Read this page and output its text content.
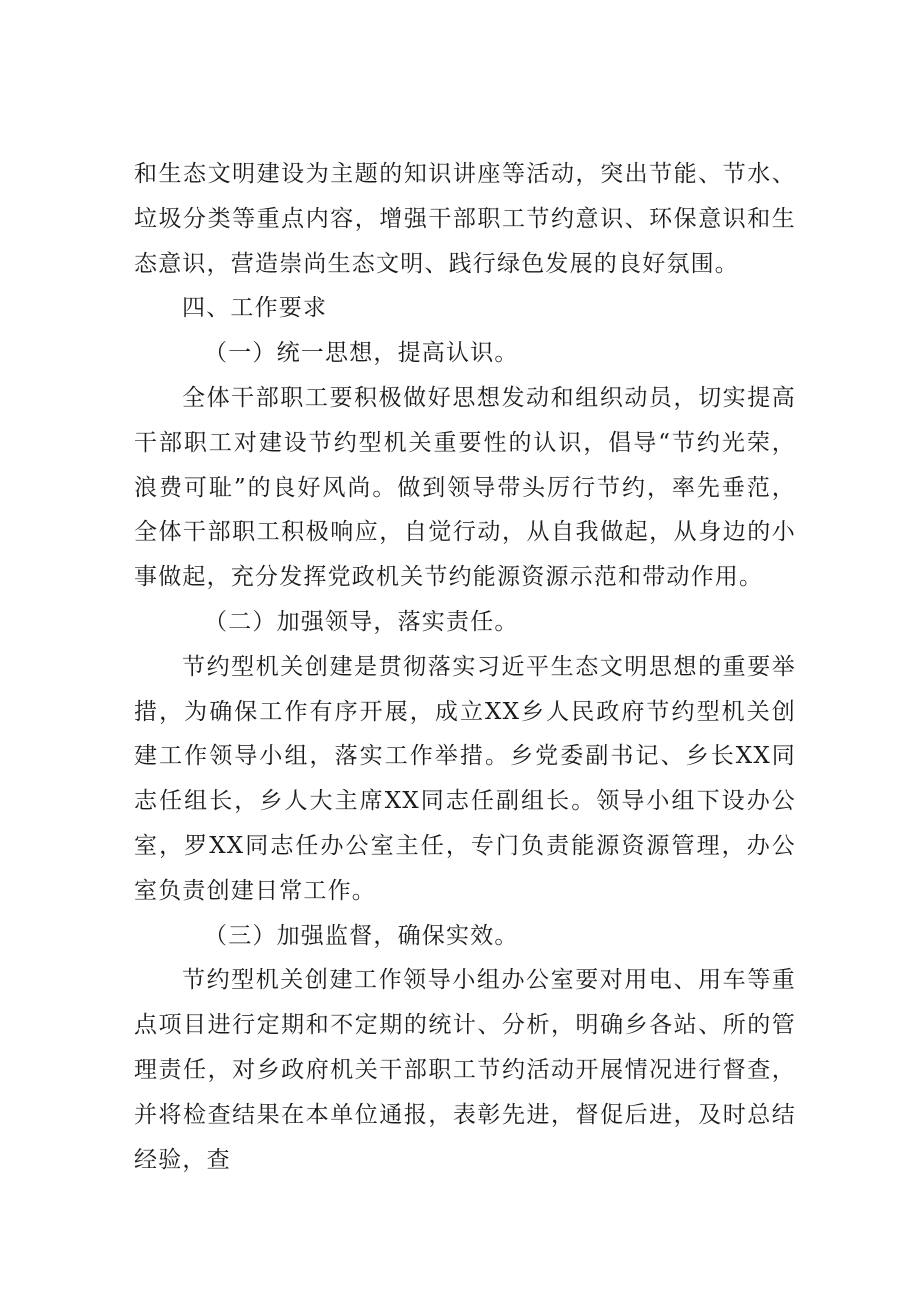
和生态文明建设为主题的知识讲座等活动，突出节能、节水、垃圾分类等重点内容，增强干部职工节约意识、环保意识和生态意识，营造崇尚生态文明、践行绿色发展的良好氛围。

四、工作要求

（一）统一思想，提高认识。

全体干部职工要积极做好思想发动和组织动员，切实提高干部职工对建设节约型机关重要性的认识，倡导“节约光荣，浪费可耻”的良好风尚。做到领导带头厉行节约，率先垂范，全体干部职工积极响应，自觉行动，从自我做起，从身边的小事做起，充分发挥党政机关节约能源资源示范和带动作用。

（二）加强领导，落实责任。

节约型机关创建是贯彻落实习近平生态文明思想的重要举措，为确保工作有序开展，成立XX乡人民政府节约型机关创建工作领导小组，落实工作举措。乡党委副书记、乡长XX同志任组长，乡人大主席XX同志任副组长。领导小组下设办公室，罗XX同志任办公室主任，专门负责能源资源管理，办公室负责创建日常工作。

（三）加强监督，确保实效。

节约型机关创建工作领导小组办公室要对用电、用车等重点项目进行定期和不定期的统计、分析，明确乡各站、所的管理责任，对乡政府机关干部职工节约活动开展情况进行督查，并将检查结果在本单位通报，表彰先进，督促后进，及时总结经验，查
